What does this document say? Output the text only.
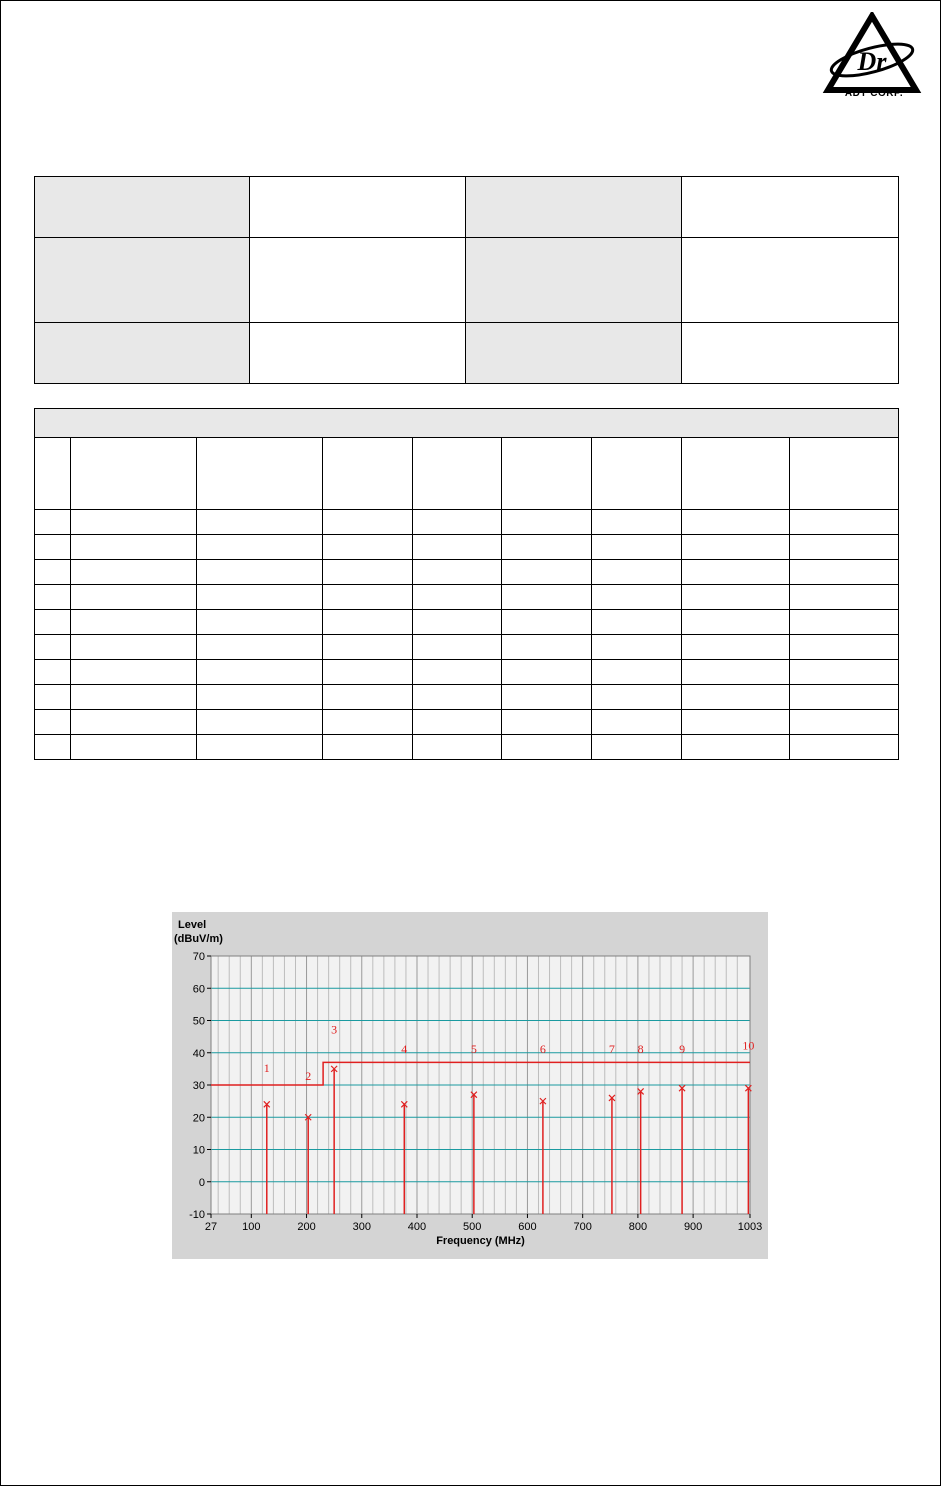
Dr
ADT CORP.

70
60
50
40
30
20
10
0
-10
27 100	200	300	400	500	600	700	800	900	1003
Level
(dBuV/m)
Frequency (MHz)
1
2
3
4	5	6	7 8	9	10
